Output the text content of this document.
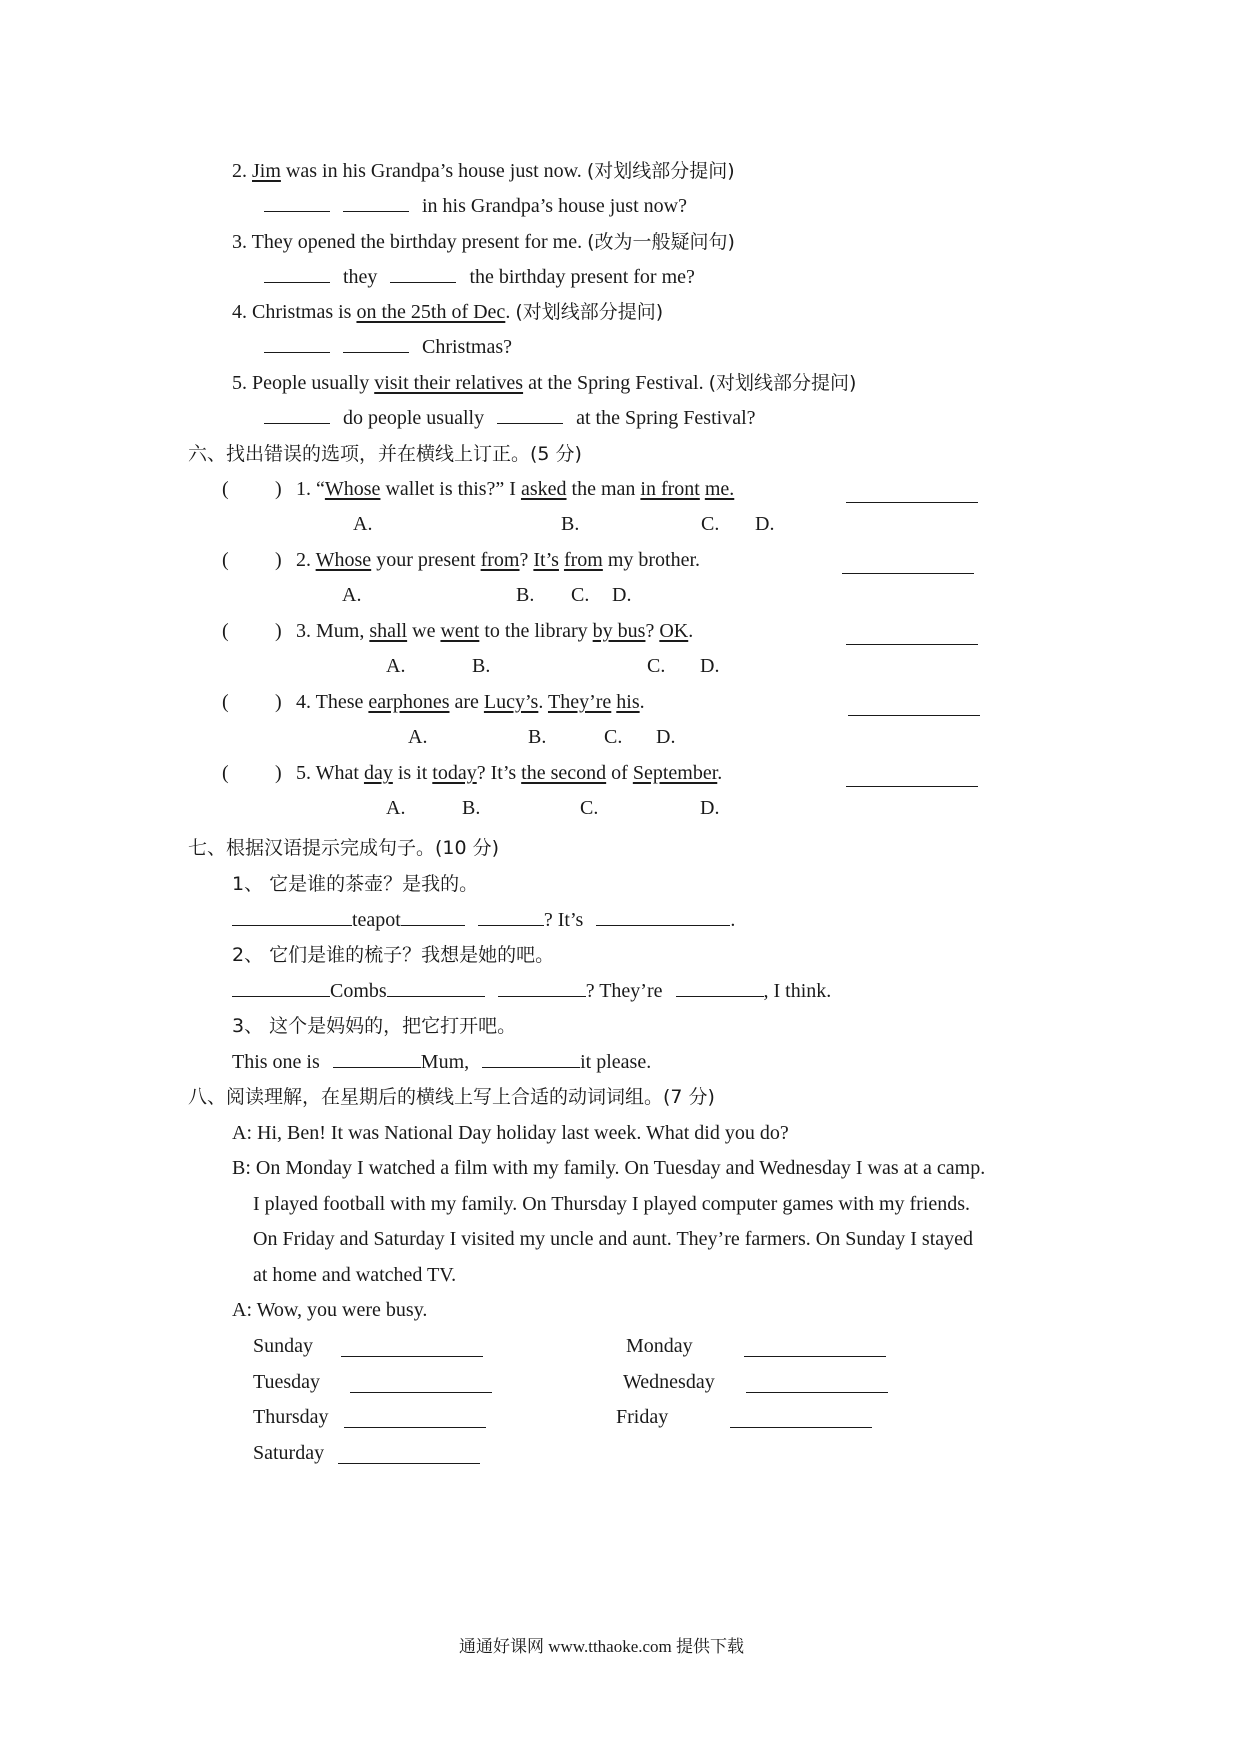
2. Jim was in his Grandpa’s house just now. (对划线部分提问)
in his Grandpa’s house just now?
3. They opened the birthday present for me. (改为一般疑问句)
they	the birthday present for me?
4. Christmas is on the 25th of Dec. (对划线部分提问)
Christmas?
5. People usually visit their relatives at the Spring Festival. (对划线部分提问)
do people usually	at the Spring Festival?
六、找出错误的选项，并在横线上订正。(5 分)
( ) 1. “Whose wallet is this?” I asked the man in front me.
A.	B.	C. D.
( ) 2. Whose your present from? It’s from my brother.
A.	B. C. D.
( ) 3. Mum, shall we went to the library by bus? OK.
A.	B.	C. D.
( ) 4. These earphones are Lucy’s. They’re his.
A.	B.	C. D.
( ) 5. What day is it today? It’s the second of September.
A.	B.	C.	D.
七、根据汉语提示完成句子。(10 分)
1、 它是谁的茶壶？是我的。
teapot	? It’s	.
2、 它们是谁的梳子？我想是她的吧。
Combs	? They’re	, I think.
3、 这个是妈妈的，把它打开吧。
This one is	Mum,	it please.
八、阅读理解，在星期后的横线上写上合适的动词词组。(7 分)
A: Hi, Ben! It was National Day holiday last week. What did you do?
B: On Monday I watched a film with my family. On Tuesday and Wednesday I was at a camp.
I played football with my family. On Thursday I played computer games with my friends.
On Friday and Saturday I visited my uncle and aunt. They’re farmers. On Sunday I stayed
at home and watched TV.
A: Wow, you were busy.
Sunday	Monday
Tuesday	Wednesday
Thursday	Friday
Saturday
通通好课网 www.tthaoke.com 提供下载
